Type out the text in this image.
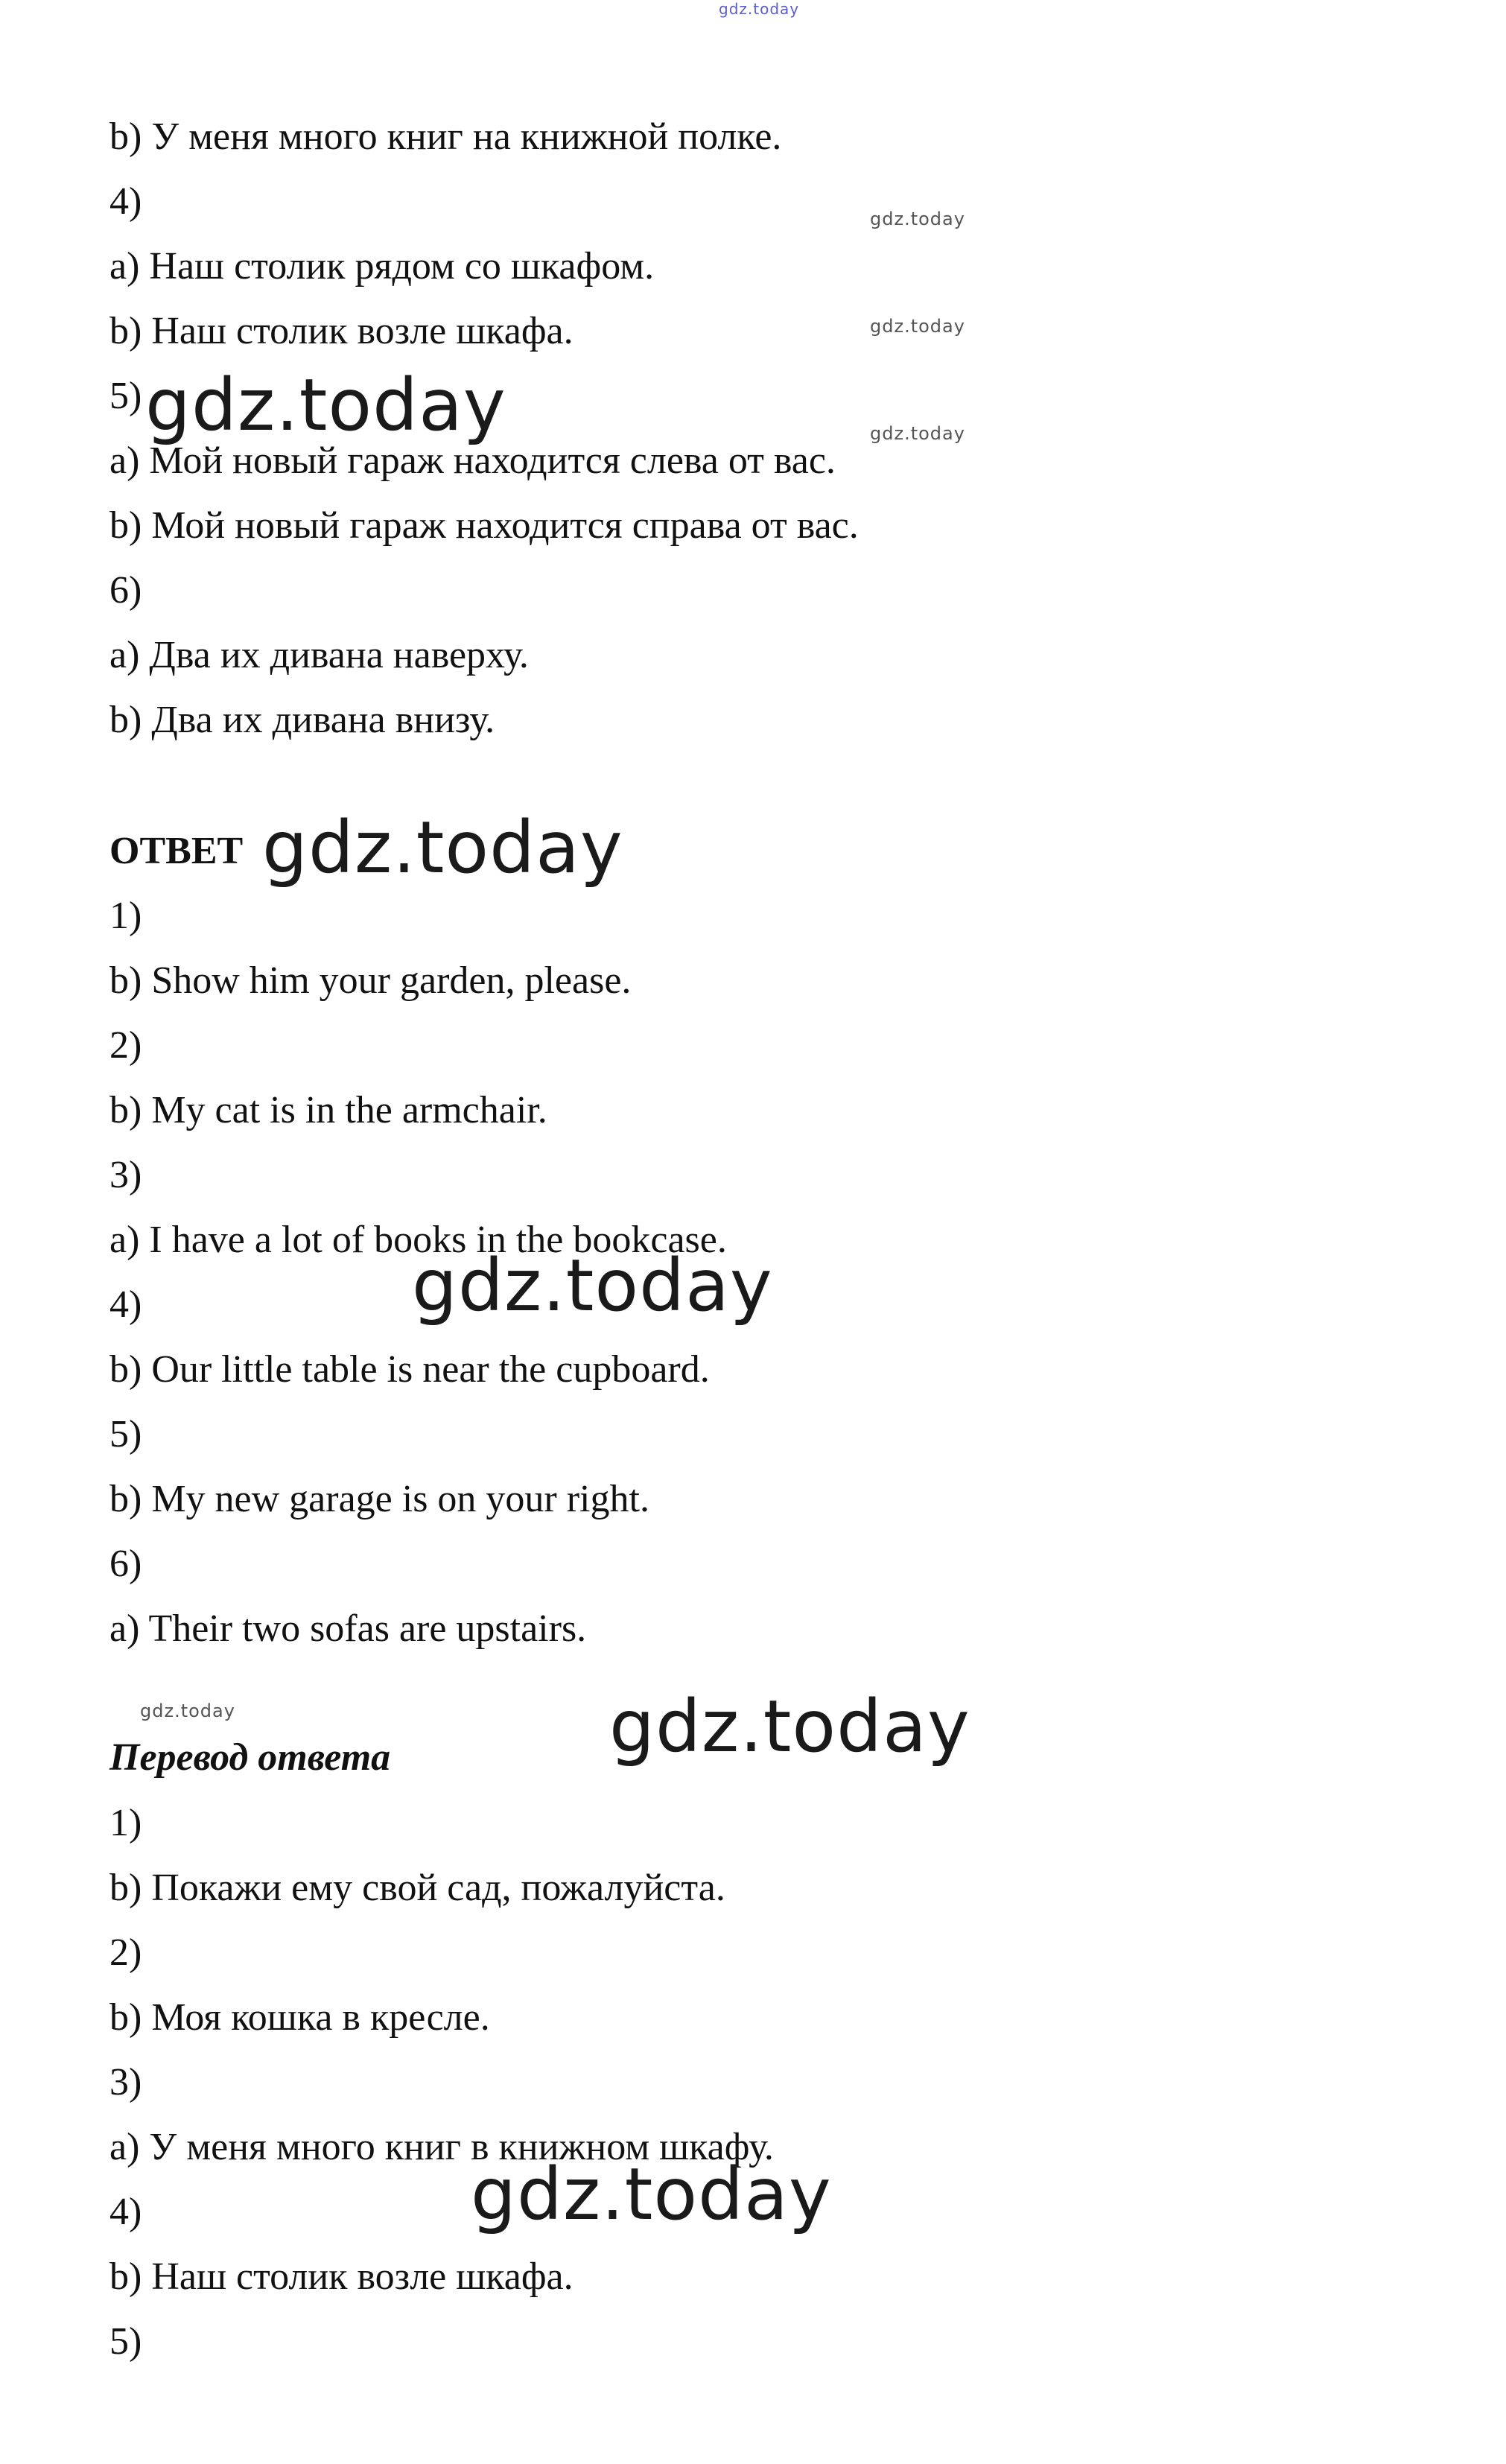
gdz.today
b) У меня много книг на книжной полке.
4)
a) Наш столик рядом со шкафом.
b) Наш столик возле шкафа.
5)
a) Мой новый гараж находится слева от вас.
b) Мой новый гараж находится справа от вас.
6)
a) Два их дивана наверху.
b) Два их дивана внизу.
gdz.today
gdz.today
gdz.today
gdz.today
ОТВЕТ gdz.today
1)
b) Show him your garden, please.
2)
b) My cat is in the armchair.
3)
a) I have a lot of books in the bookcase.
4)
b) Our little table is near the cupboard.
5)
b) My new garage is on your right.
6)
a) Their two sofas are upstairs.
gdz.today
gdz.today
Перевод ответа	gdz.today
1)
b) Покажи ему свой сад, пожалуйста.
2)
b) Моя кошка в кресле.
3)
a) У меня много книг в книжном шкафу.
4)
b) Наш столик возле шкафа.
5)
gdz.today
